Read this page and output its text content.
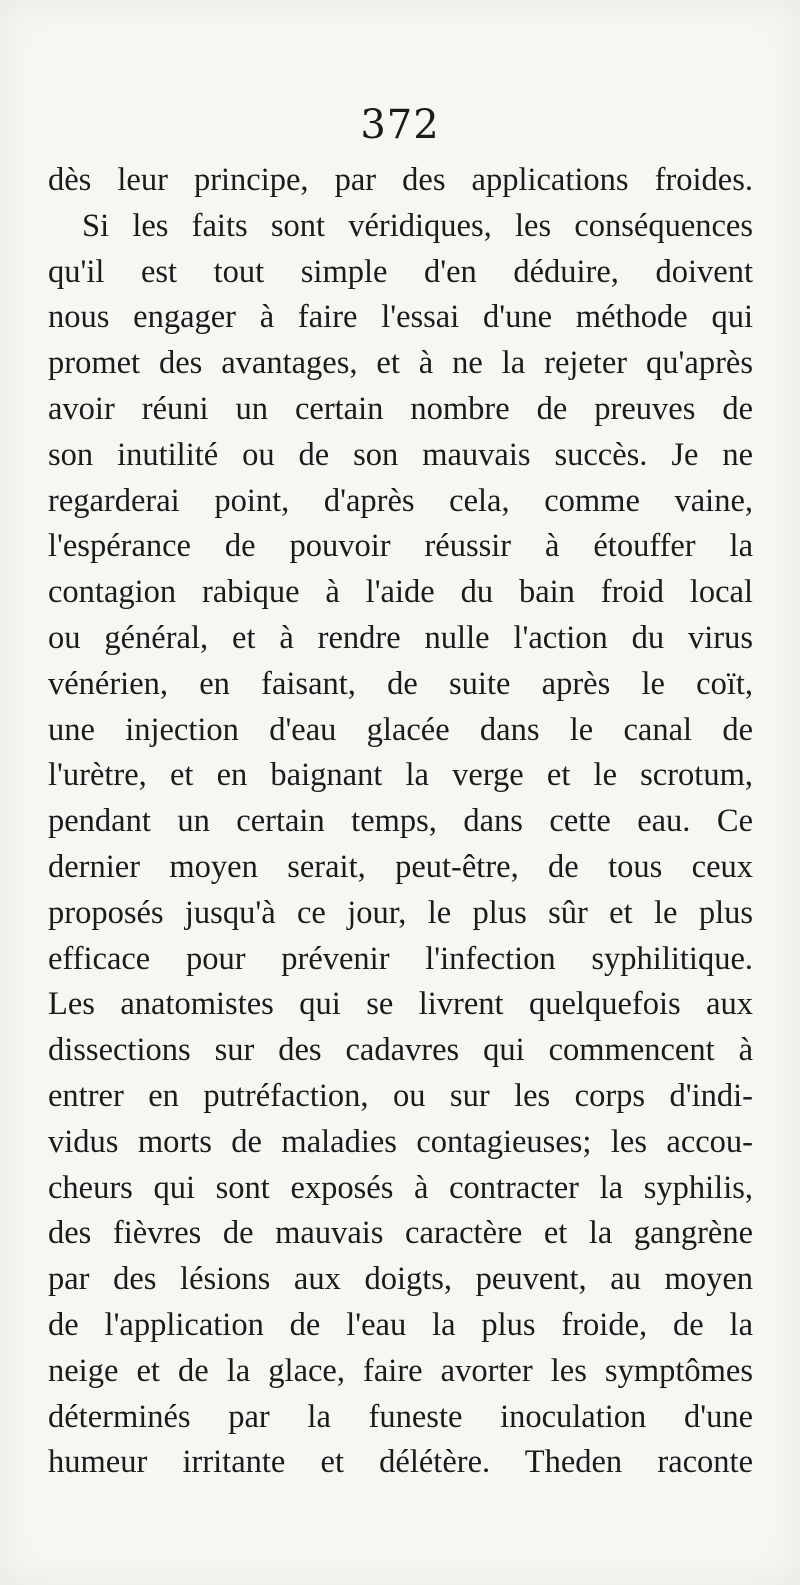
372
dès leur principe, par des applications froides.
Si les faits sont véridiques, les conséquences
qu'il est tout simple d'en déduire, doivent
nous engager à faire l'essai d'une méthode qui
promet des avantages, et à ne la rejeter qu'après
avoir réuni un certain nombre de preuves de
son inutilité ou de son mauvais succès. Je ne
regarderai point, d'après cela, comme vaine,
l'espérance de pouvoir réussir à étouffer la
contagion rabique à l'aide du bain froid local
ou général, et à rendre nulle l'action du virus
vénérien, en faisant, de suite après le coït,
une injection d'eau glacée dans le canal de
l'urètre, et en baignant la verge et le scrotum,
pendant un certain temps, dans cette eau. Ce
dernier moyen serait, peut-être, de tous ceux
proposés jusqu'à ce jour, le plus sûr et le plus
efficace pour prévenir l'infection syphilitique.
Les anatomistes qui se livrent quelquefois aux
dissections sur des cadavres qui commencent à
entrer en putréfaction, ou sur les corps d'indi-
vidus morts de maladies contagieuses; les accou-
cheurs qui sont exposés à contracter la syphilis,
des fièvres de mauvais caractère et la gangrène
par des lésions aux doigts, peuvent, au moyen
de l'application de l'eau la plus froide, de la
neige et de la glace, faire avorter les symptômes
déterminés par la funeste inoculation d'une
humeur irritante et délétère. Theden raconte
